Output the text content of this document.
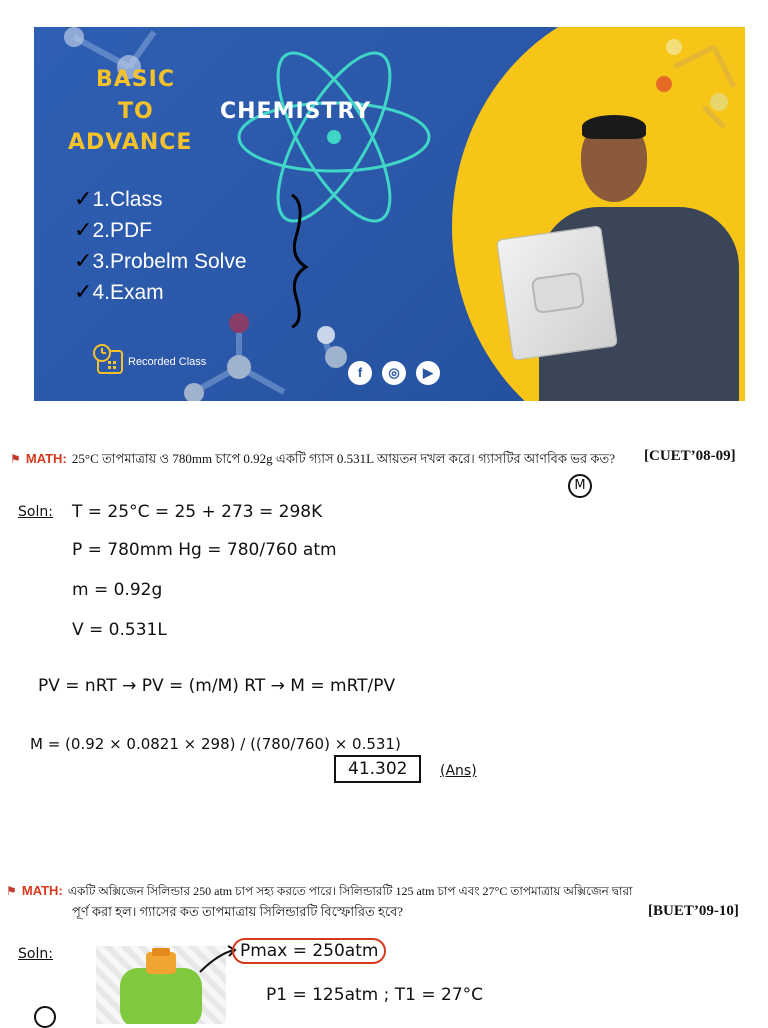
BASIC
TO
ADVANCE
CHEMISTRY
✓1.Class
✓2.PDF
✓3.Probelm Solve
✓4.Exam
Recorded Class
f	◎	▶
⚑ MATH: 25°C তাপমাত্রায় ও 780mm চাপে 0.92g একটি গ্যাস 0.531L আয়তন দখল করে। গ্যাসটির আণবিক ভর কত?	[CUET’08-09]
M
Soln: T = 25°C = 25 + 273 = 298K
P = 780mm Hg = 780/760 atm
m = 0.92g
V = 0.531L
PV = nRT → PV = (m/M) RT → M = mRT/PV
M = (0.92 × 0.0821 × 298) / ((780/760) × 0.531)
41.302	(Ans)
⚑ MATH: একটি অক্সিজেন সিলিন্ডার 250 atm চাপ সহ্য করতে পারে। সিলিন্ডারটি 125 atm চাপ এবং 27°C তাপমাত্রায় অক্সিজেন দ্বারা
পূর্ণ করা হল। গ্যাসের কত তাপমাত্রায় সিলিন্ডারটি বিস্ফোরিত হবে?	[BUET’09-10]
Soln:	Pmax = 250atm
P1 = 125atm ; T1 = 27°C
